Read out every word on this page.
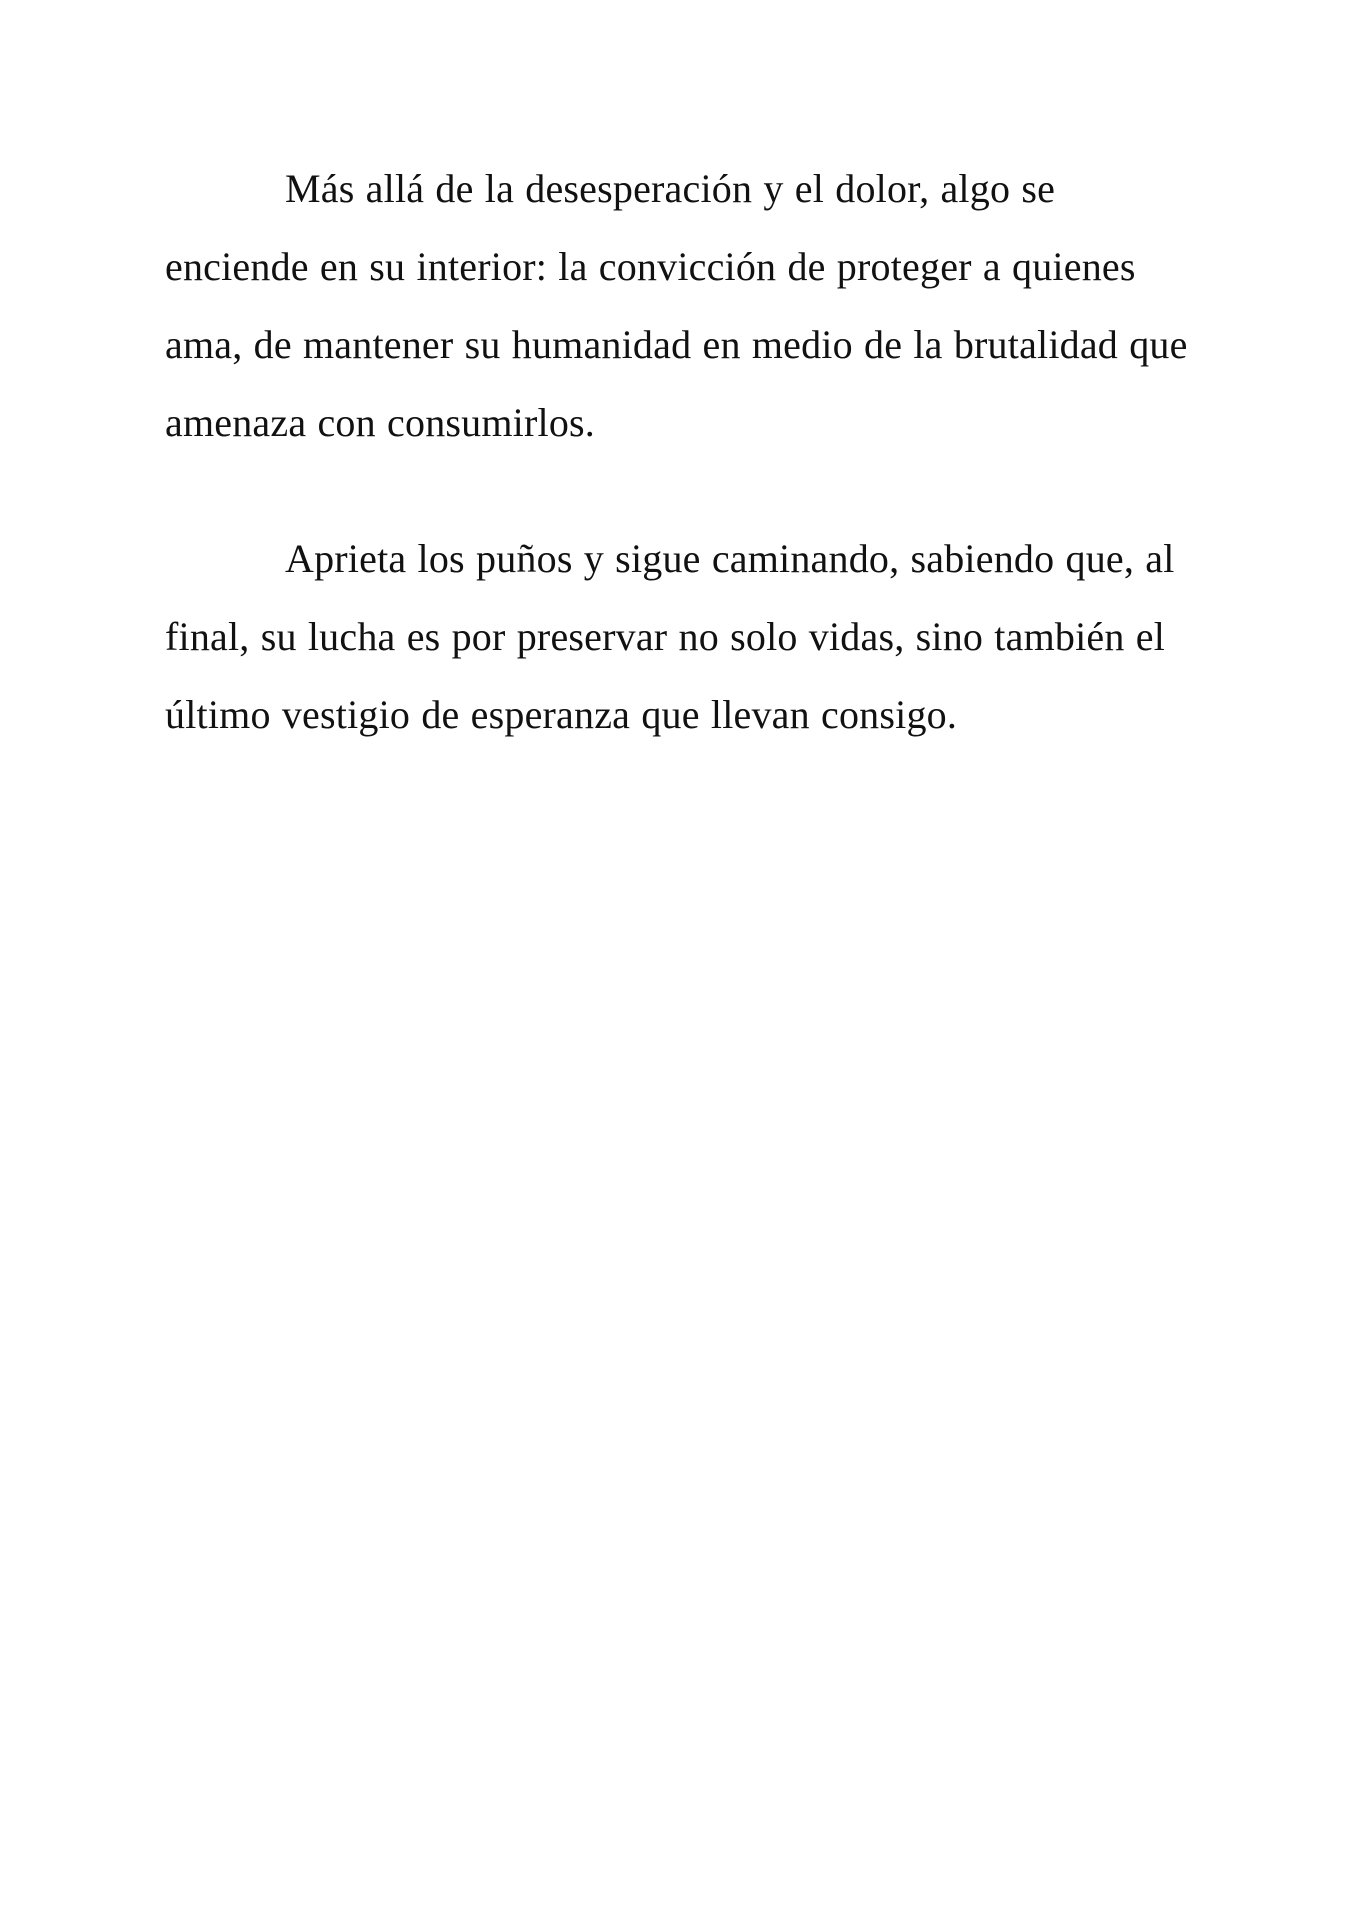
Más allá de la desesperación y el dolor, algo se enciende en su interior: la convicción de proteger a quienes ama, de mantener su humanidad en medio de la brutalidad que amenaza con consumirlos.

Aprieta los puños y sigue caminando, sabiendo que, al final, su lucha es por preservar no solo vidas, sino también el último vestigio de esperanza que llevan consigo.
